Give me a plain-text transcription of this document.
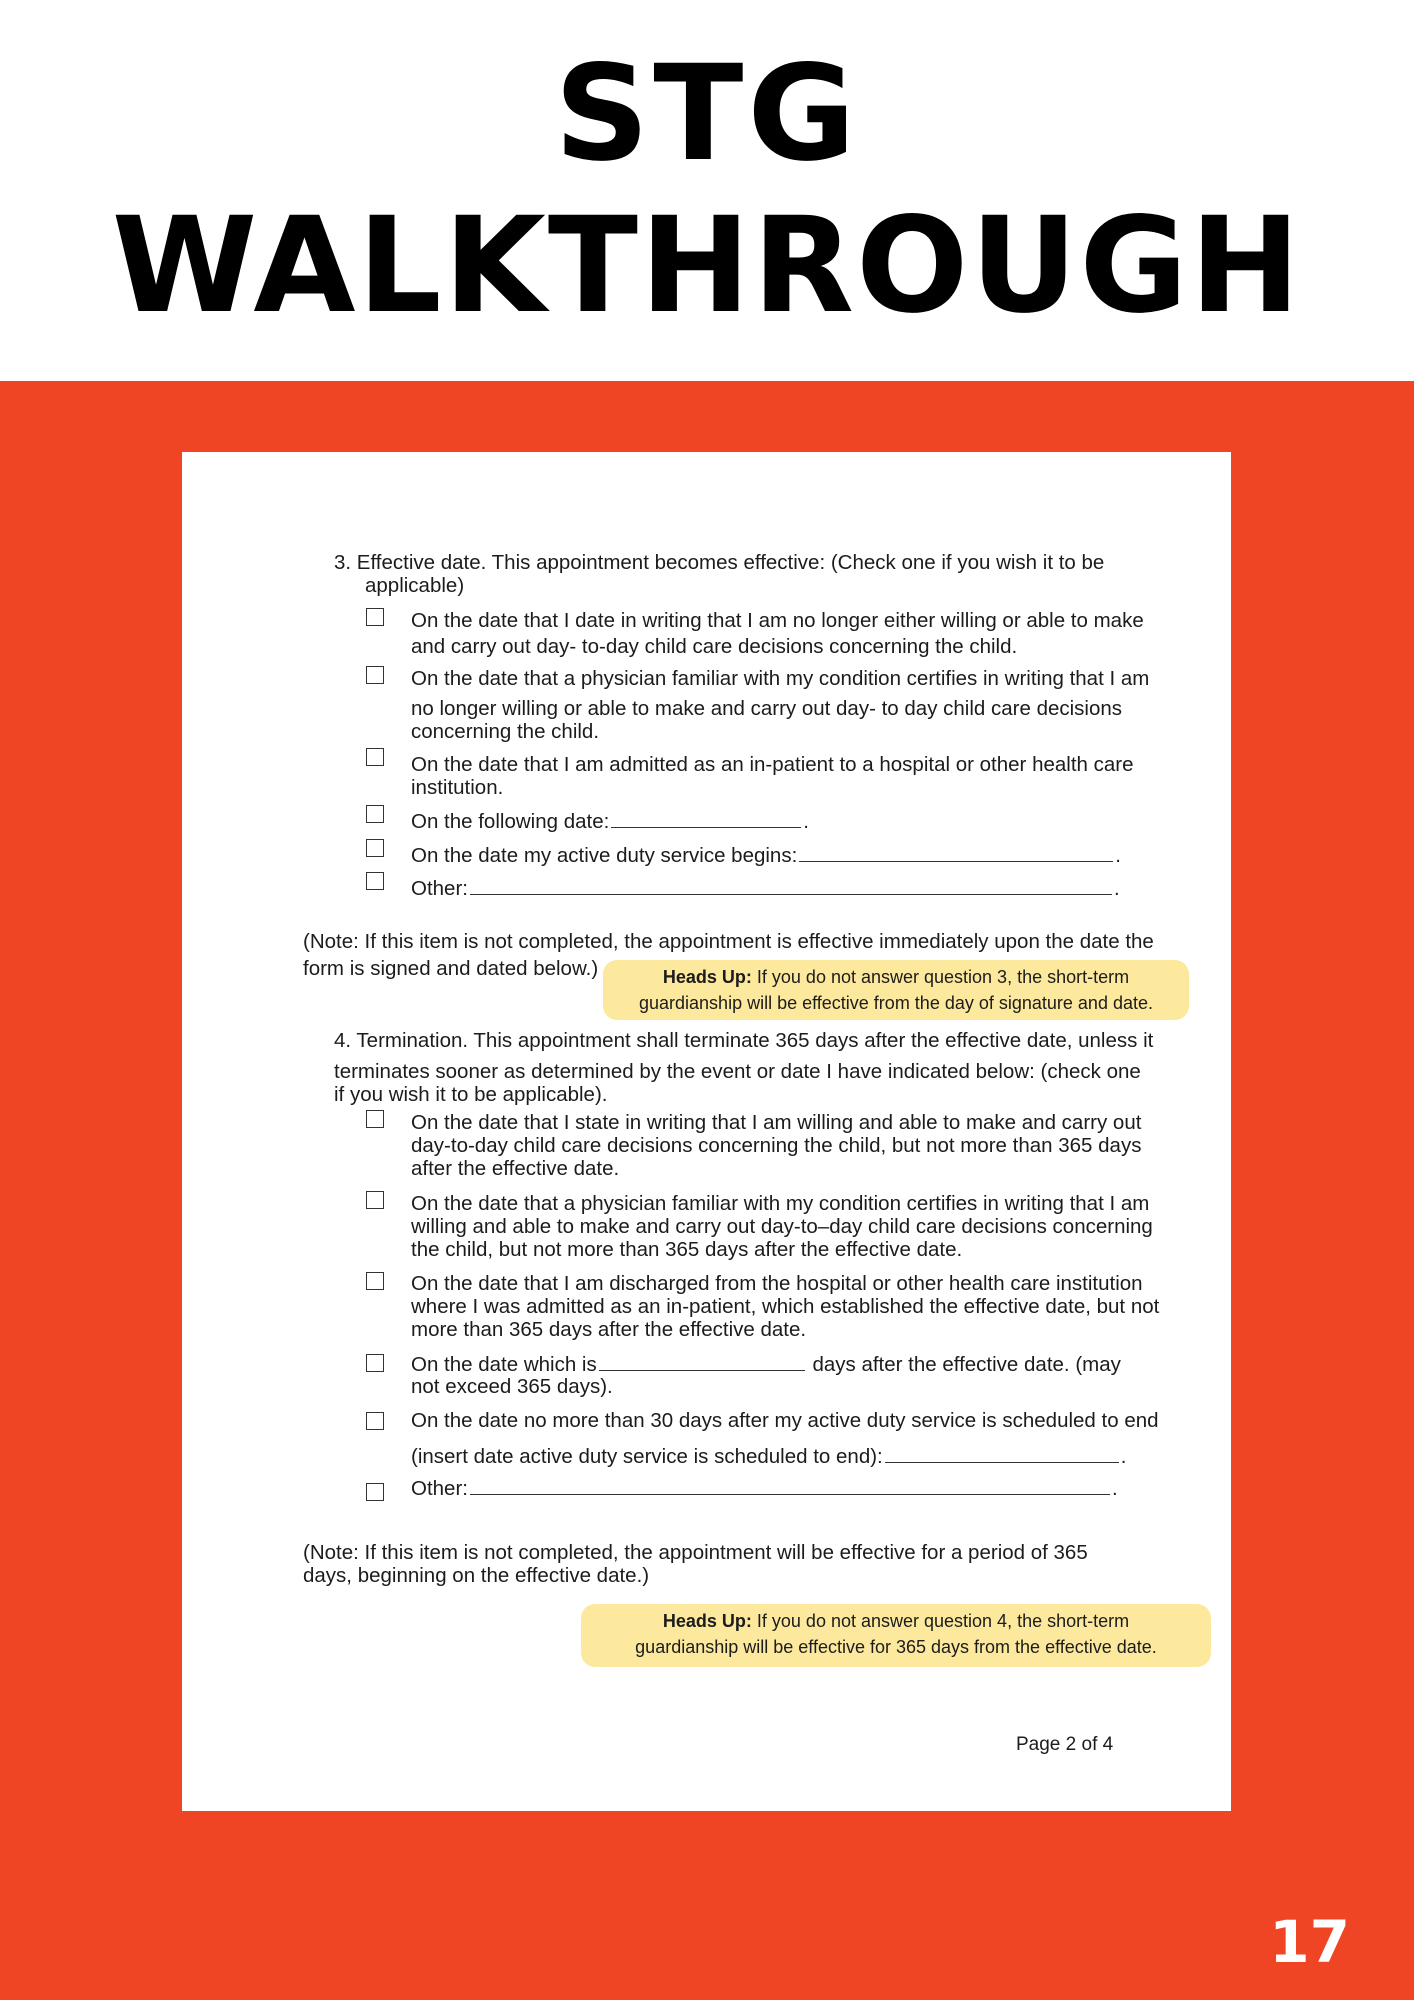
STG
WALKTHROUGH
17
3. Effective date. This appointment becomes effective: (Check one if you wish it to be
applicable)
On the date that I date in writing that I am no longer either willing or able to make
and carry out day- to-day child care decisions concerning the child.
On the date that a physician familiar with my condition certifies in writing that I am
no longer willing or able to make and carry out day- to day child care decisions
concerning the child.
On the date that I am admitted as an in-patient to a hospital or other health care
institution.
On the following date:	.
On the date my active duty service begins:	.
Other:	.
(Note: If this item is not completed, the appointment is effective immediately upon the date the
form is signed and dated below.)	Heads Up: If you do not answer question 3, the short-term
guardianship will be effective from the day of signature and date.
4. Termination. This appointment shall terminate 365 days after the effective date, unless it
terminates sooner as determined by the event or date I have indicated below: (check one
if you wish it to be applicable).
On the date that I state in writing that I am willing and able to make and carry out
day-to-day child care decisions concerning the child, but not more than 365 days
after the effective date.
On the date that a physician familiar with my condition certifies in writing that I am
willing and able to make and carry out day-to–day child care decisions concerning
the child, but not more than 365 days after the effective date.
On the date that I am discharged from the hospital or other health care institution
where I was admitted as an in-patient, which established the effective date, but not
more than 365 days after the effective date.
On the date which is	days after the effective date. (may
not exceed 365 days).
On the date no more than 30 days after my active duty service is scheduled to end
(insert date active duty service is scheduled to end):	.
Other:	.
(Note: If this item is not completed, the appointment will be effective for a period of 365
days, beginning on the effective date.)
Heads Up: If you do not answer question 4, the short-term
guardianship will be effective for 365 days from the effective date.
Page 2 of 4
